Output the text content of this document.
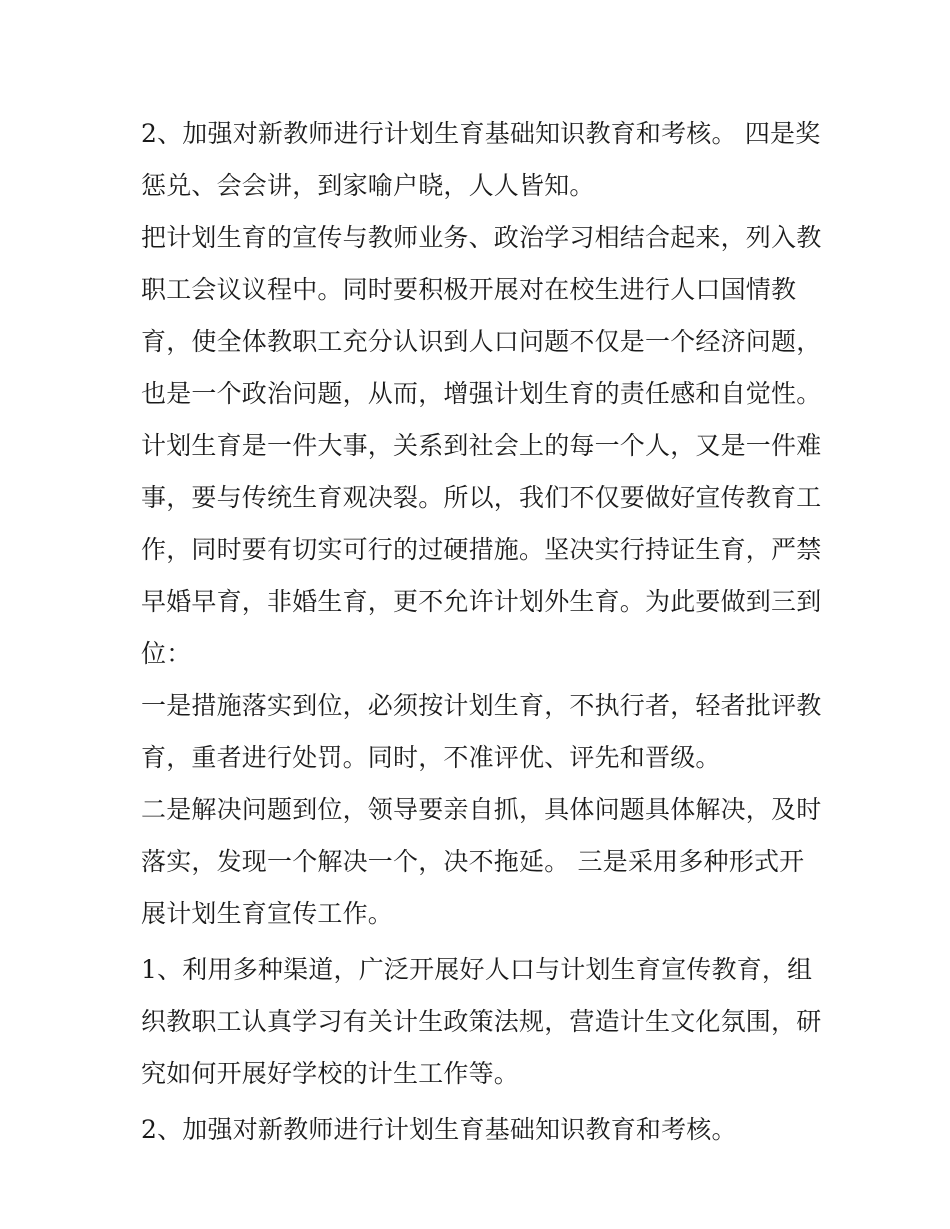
2、加强对新教师进行计划生育基础知识教育和考核。 四是奖
惩兑、会会讲，到家喻户晓，人人皆知。
把计划生育的宣传与教师业务、政治学习相结合起来，列入教
职工会议议程中。同时要积极开展对在校生进行人口国情教
育，使全体教职工充分认识到人口问题不仅是一个经济问题，
也是一个政治问题，从而，增强计划生育的责任感和自觉性。
计划生育是一件大事，关系到社会上的每一个人，又是一件难
事，要与传统生育观决裂。所以，我们不仅要做好宣传教育工
作，同时要有切实可行的过硬措施。坚决实行持证生育，严禁
早婚早育，非婚生育，更不允许计划外生育。为此要做到三到
位：
一是措施落实到位，必须按计划生育，不执行者，轻者批评教
育，重者进行处罚。同时，不准评优、评先和晋级。
二是解决问题到位，领导要亲自抓，具体问题具体解决，及时
落实，发现一个解决一个，决不拖延。 三是采用多种形式开
展计划生育宣传工作。
1、利用多种渠道，广泛开展好人口与计划生育宣传教育，组
织教职工认真学习有关计生政策法规，营造计生文化氛围，研
究如何开展好学校的计生工作等。
2、加强对新教师进行计划生育基础知识教育和考核。
